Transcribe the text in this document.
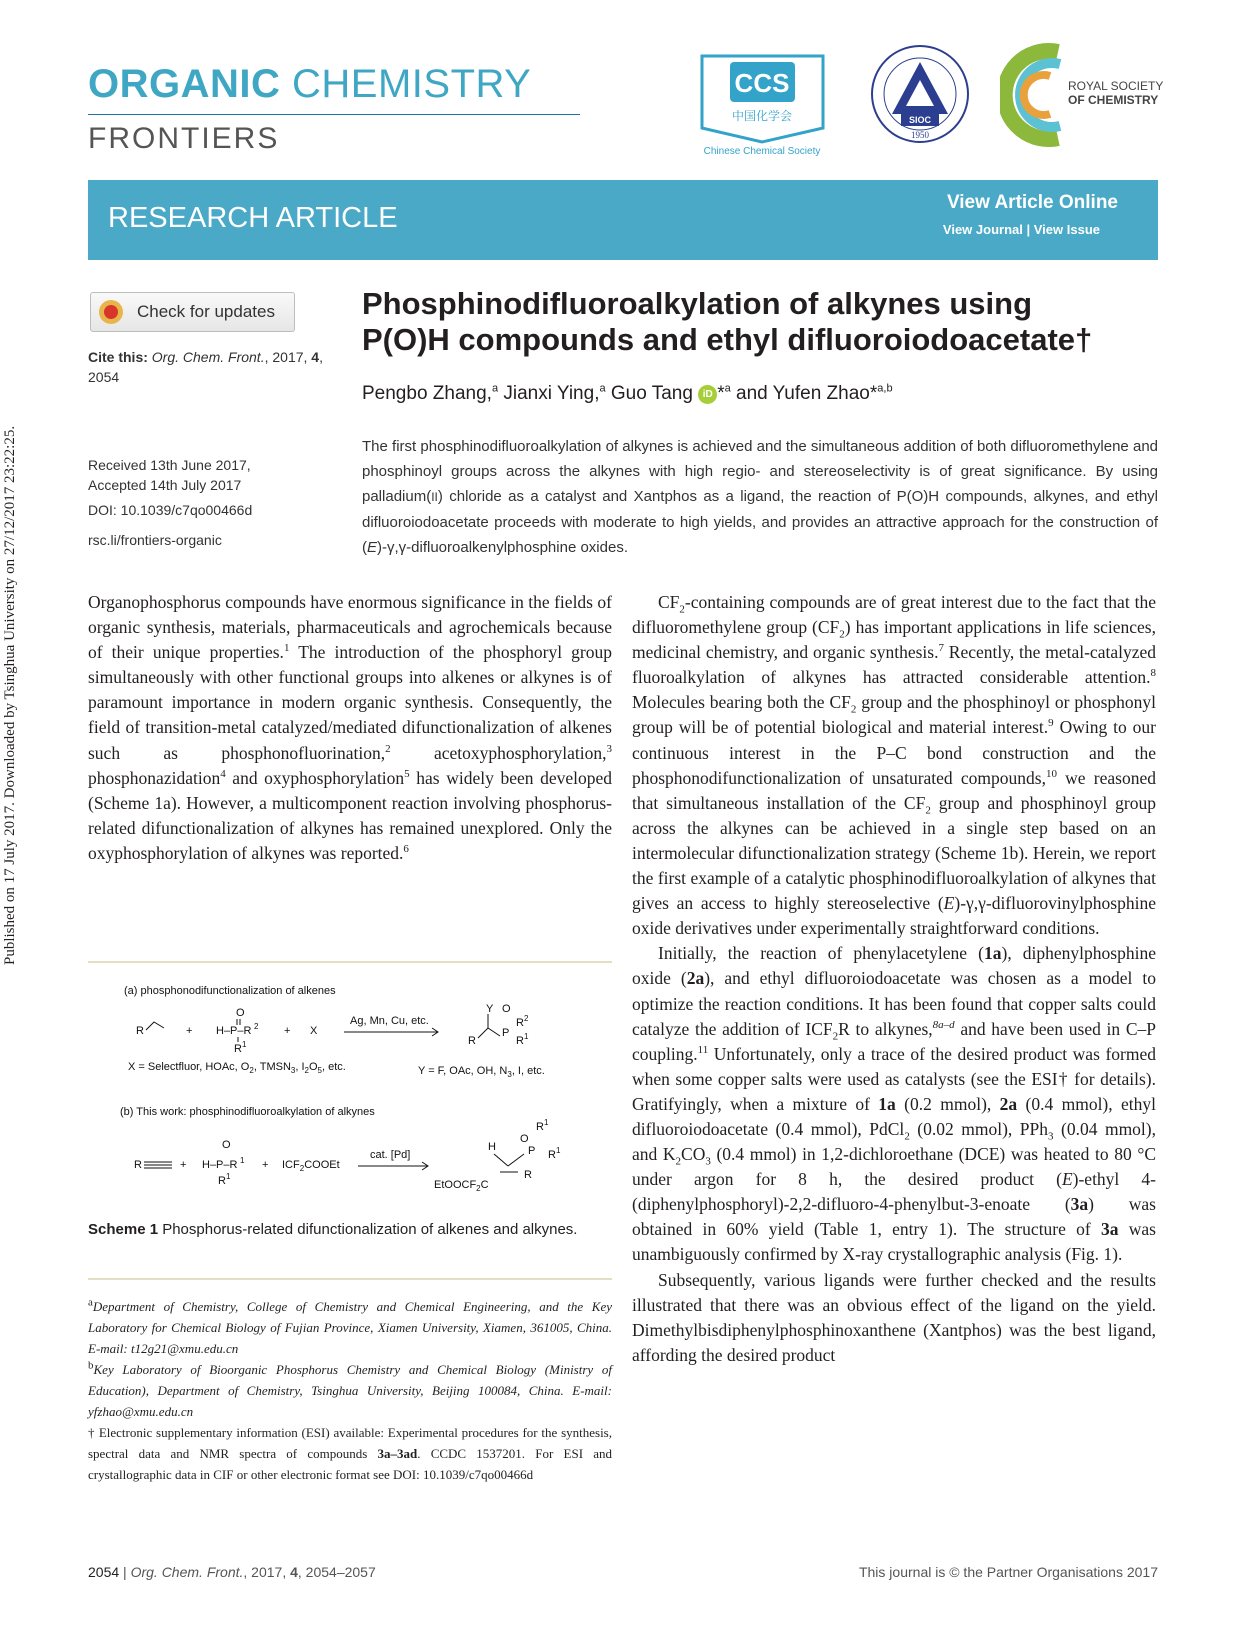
Published on 17 July 2017. Downloaded by Tsinghua University on 27/12/2017 23:22:25.
ORGANIC CHEMISTRY
FRONTIERS
CCS
中国化学会
Chinese Chemical Society
SIOC
1950
ROYAL SOCIETY
OF CHEMISTRY
RESEARCH ARTICLE	View Article Online
View Journal | View Issue
Check for updates
Cite this: Org. Chem. Front., 2017, 4,
2054
Received 13th June 2017,
Accepted 14th July 2017
DOI: 10.1039/c7qo00466d
rsc.li/frontiers-organic
Phosphinodifluoroalkylation of alkynes using
P(O)H compounds and ethyl difluoroiodoacetate†
Pengbo Zhang,$^a$ Jianxi Ying,$^a$ Guo Tang iD *$^a$ and Yufen Zhao*$^{a,b}$
The first phosphinodifluoroalkylation of alkynes is achieved and the simultaneous addition of both difluoromethylene and phosphinoyl groups across the alkynes with high regio- and stereoselectivity is of great significance. By using palladium(II) chloride as a catalyst and Xantphos as a ligand, the reaction of P(O)H compounds, alkynes, and ethyl difluoroiodoacetate proceeds with moderate to high yields, and provides an attractive approach for the construction of (E)-γ,γ-difluoroalkenylphosphine oxides.

Organophosphorus compounds have enormous significance in the fields of organic synthesis, materials, pharmaceuticals and agrochemicals because of their unique properties.$^1$ The introduction of the phosphoryl group simultaneously with other functional groups into alkenes or alkynes is of paramount importance in modern organic synthesis. Consequently, the field of transition-metal catalyzed/mediated difunctionalization of alkenes such as phosphonofluorination,$^2$ acetoxyphosphorylation,$^3$ phosphonazidation$^4$ and oxyphosphorylation$^5$ has widely been developed (Scheme 1a). However, a multicomponent reaction involving phosphorus-related difunctionalization of alkynes has remained unexplored. Only the oxyphosphorylation of alkynes was reported.$^6$

(a) phosphonodifunctionalization of alkenes
R	+
O
H–P–R 2
R 1
+ X
Ag, Mn, Cu, etc.
Y
R
P
O
R 2
R 1
X = Selectfluor, HOAc, $O_2$, $TMSN_3$, $I_2O_5$, etc.	Y = F, OAc, OH, $N_3$, I, etc.
(b) This work: phosphinodifluoroalkylation of alkynes
R	+
O
H–P–R 1
R 1
+ $ICF_2COOEt$
cat. [Pd]
H
O
P
R 1
R 1
R
EtOOCF$_2$C
Scheme 1 Phosphorus-related difunctionalization of alkenes and alkynes.

$^a$Department of Chemistry, College of Chemistry and Chemical Engineering, and the Key Laboratory for Chemical Biology of Fujian Province, Xiamen University, Xiamen, 361005, China. E-mail: t12g21@xmu.edu.cn

$^b$Key Laboratory of Bioorganic Phosphorus Chemistry and Chemical Biology (Ministry of Education), Department of Chemistry, Tsinghua University, Beijing 100084, China. E-mail: yfzhao@xmu.edu.cn

† Electronic supplementary information (ESI) available: Experimental procedures for the synthesis, spectral data and NMR spectra of compounds 3a–3ad. CCDC 1537201. For ESI and crystallographic data in CIF or other electronic format see DOI: 10.1039/c7qo00466d

$CF_2$-containing compounds are of great interest due to the fact that the difluoromethylene group $(CF_2)$ has important applications in life sciences, medicinal chemistry, and organic synthesis.$^7$ Recently, the metal-catalyzed fluoroalkylation of alkynes has attracted considerable attention.$^8$ Molecules bearing both the $CF_2$ group and the phosphinoyl or phosphonyl group will be of potential biological and material interest.$^9$ Owing to our continuous interest in the P–C bond construction and the phosphonodifunctionalization of unsaturated compounds,$^{10}$ we reasoned that simultaneous installation of the $CF_2$ group and phosphinoyl group across the alkynes can be achieved in a single step based on an intermolecular difunctionalization strategy (Scheme 1b). Herein, we report the first example of a catalytic phosphinodifluoroalkylation of alkynes that gives an access to highly stereoselective (E)-γ,γ-difluorovinylphosphine oxide derivatives under experimentally straightforward conditions.

Initially, the reaction of phenylacetylene (1a), diphenylphosphine oxide (2a), and ethyl difluoroiodoacetate was chosen as a model to optimize the reaction conditions. It has been found that copper salts could catalyze the addition of $ICF_2R$ to alkynes,$^{8a-d}$ and have been used in C–P coupling.$^{11}$ Unfortunately, only a trace of the desired product was formed when some copper salts were used as catalysts (see the ESI† for details). Gratifyingly, when a mixture of 1a (0.2 mmol), 2a (0.4 mmol), ethyl difluoroiodoacetate (0.4 mmol), PdCl$_2$ (0.02 mmol), PPh$_3$ (0.04 mmol), and $K_2CO_3$ (0.4 mmol) in 1,2-dichloroethane (DCE) was heated to 80 °C under argon for 8 h, the desired product (E)-ethyl 4-(diphenylphosphoryl)-2,2-difluoro-4-phenylbut-3-enoate (3a) was obtained in 60% yield (Table 1, entry 1). The structure of 3a was unambiguously confirmed by X-ray crystallographic analysis (Fig. 1).

Subsequently, various ligands were further checked and the results illustrated that there was an obvious effect of the ligand on the yield. Dimethylbisdiphenylphosphinoxanthene (Xantphos) was the best ligand, affording the desired product

2054 | Org. Chem. Front., 2017, 4, 2054–2057	This journal is © the Partner Organisations 2017
